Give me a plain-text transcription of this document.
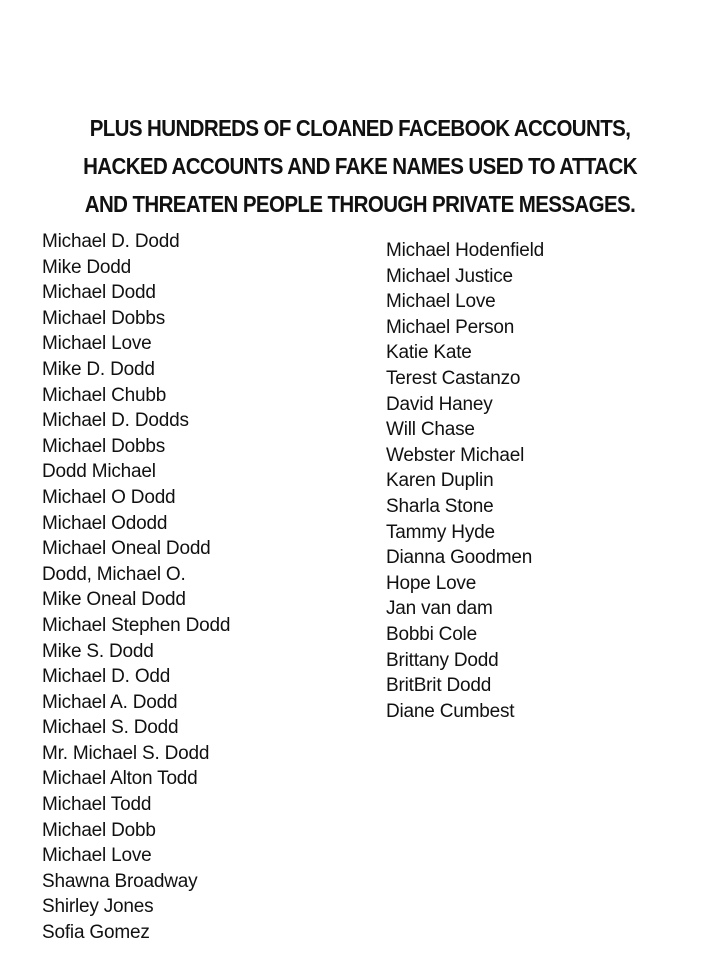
PLUS HUNDREDS OF CLOANED FACEBOOK ACCOUNTS,
HACKED ACCOUNTS AND FAKE NAMES USED TO ATTACK
AND THREATEN PEOPLE THROUGH PRIVATE MESSAGES.
Michael D. Dodd
Mike Dodd
Michael Dodd
Michael Dobbs
Michael Love
Mike D. Dodd
Michael Chubb
Michael D. Dodds
Michael Dobbs
Dodd Michael
Michael O Dodd
Michael Ododd
Michael Oneal Dodd
Dodd, Michael O.
Mike Oneal Dodd
Michael Stephen Dodd
Mike S. Dodd
Michael D. Odd
Michael A. Dodd
Michael S. Dodd
Mr. Michael S. Dodd
Michael Alton Todd
Michael Todd
Michael Dobb
Michael Love
Shawna Broadway
Shirley Jones
Sofia Gomez
Michael Hodenfield
Michael Justice
Michael Love
Michael Person
Katie Kate
Terest Castanzo
David Haney
Will Chase
Webster Michael
Karen Duplin
Sharla Stone
Tammy Hyde
Dianna Goodmen
Hope Love
Jan van dam
Bobbi Cole
Brittany Dodd
BritBrit Dodd
Diane Cumbest
